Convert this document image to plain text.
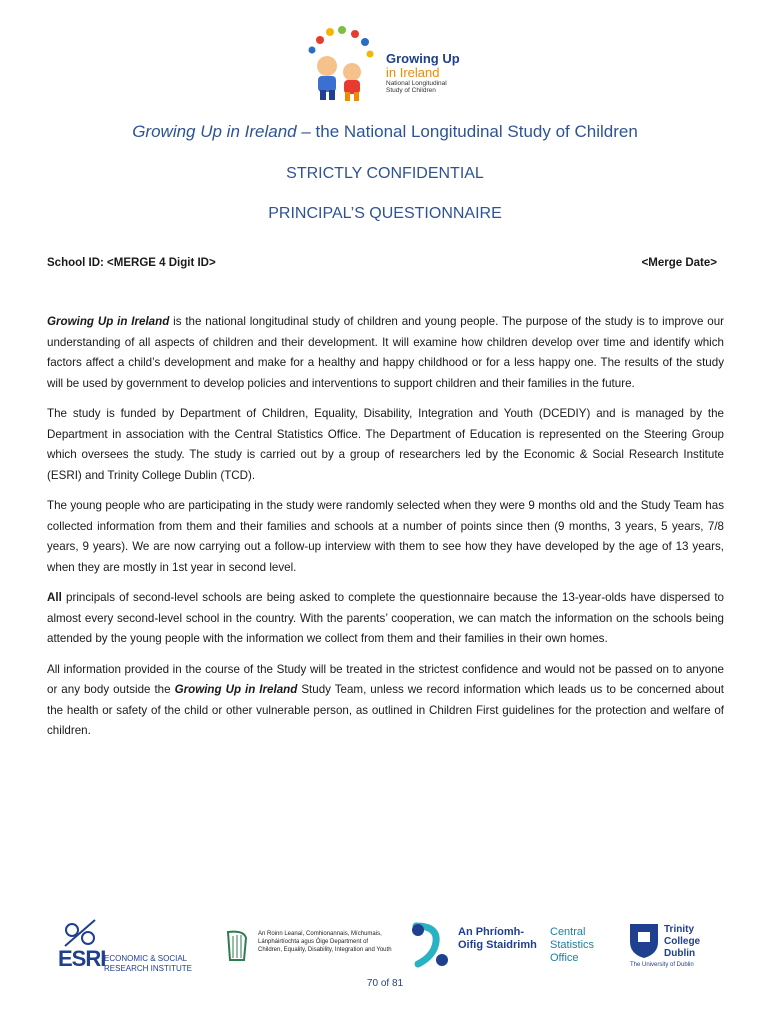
Growing Up
in Ireland
National Longitudinal Study of Children
Growing Up in Ireland – the National Longitudinal Study of Children
STRICTLY CONFIDENTIAL
PRINCIPAL’S QUESTIONNAIRE
School ID: <MERGE 4 Digit ID>	<Merge Date>

Growing Up in Ireland is the national longitudinal study of children and young people. The purpose of the study is to improve our understanding of all aspects of children and their development. It will examine how children develop over time and identify which factors affect a child’s development and make for a healthy and happy childhood or for a less happy one. The results of the study will be used by government to develop policies and interventions to support children and their families in the future.

The study is funded by Department of Children, Equality, Disability, Integration and Youth (DCEDIY) and is managed by the Department in association with the Central Statistics Office. The Department of Education is represented on the Steering Group which oversees the study. The study is carried out by a group of researchers led by the Economic & Social Research Institute (ESRI) and Trinity College Dublin (TCD).

The young people who are participating in the study were randomly selected when they were 9 months old and the Study Team has collected information from them and their families and schools at a number of points since then (9 months, 3 years, 5 years, 7/8 years, 9 years). We are now carrying out a follow-up interview with them to see how they have developed by the age of 13 years, when they are mostly in 1st year in second level.

All principals of second-level schools are being asked to complete the questionnaire because the 13-year-olds have dispersed to almost every second-level school in the country. With the parents’ cooperation, we can match the information on the schools being attended by the young people with the information we collect from them and their families in their own homes.

All information provided in the course of the Study will be treated in the strictest confidence and would not be passed on to anyone or any body outside the Growing Up in Ireland Study Team, unless we record information which leads us to be concerned about the health or safety of the child or other vulnerable person, as outlined in Children First guidelines for the protection and welfare of children.

ESRI
ECONOMIC & SOCIAL RESEARCH INSTITUTE
An Roinn Leanaí, Comhionannais, Míchumais, Lánpháirtíochta agus Óige Department of Children, Equality, Disability, Integration and Youth
An Phríomh-Oifig Staidrimh
Central Statistics Office
Trinity College Dublin
The University of Dublin
70 of 81
